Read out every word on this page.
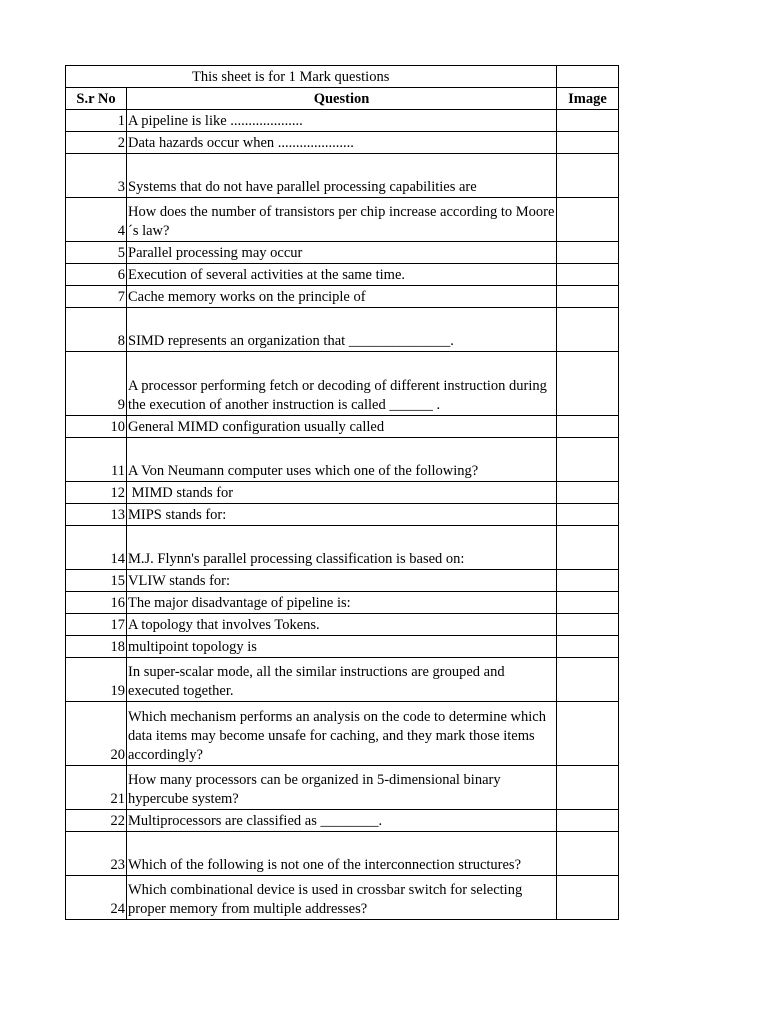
This sheet is for 1 Mark questions		
S.r No	Question	Image
1	A pipeline is like ....................	
2	Data hazards occur when .....................	
3	Systems that do not have parallel processing capabilities are	
4	How does the number of transistors per chip increase according to Moore ´s law?	
5	Parallel processing may occur	
6	Execution of several activities at the same time.	
7	Cache memory works on the principle of	
8	SIMD represents an organization that ______________.	
9	A processor performing fetch or decoding of different instruction during the execution of another instruction is called ______ .	
10	General MIMD configuration usually called	
11	A Von Neumann computer uses which one of the following?	
12	MIMD stands for	
13	MIPS stands for:	
14	M.J. Flynn's parallel processing classification is based on:	
15	VLIW stands for:	
16	The major disadvantage of pipeline is:	
17	A topology that involves Tokens.	
18	multipoint topology is	
19	In super-scalar mode, all the similar instructions are grouped and executed together.	
20	Which mechanism performs an analysis on the code to determine which data items may become unsafe for caching, and they mark those items accordingly?	
21	How many processors can be organized in 5-dimensional binary hypercube system?	
22	Multiprocessors are classified as ________.	
23	Which of the following is not one of the interconnection structures?	
24	Which combinational device is used in crossbar switch for selecting proper memory from multiple addresses?	
